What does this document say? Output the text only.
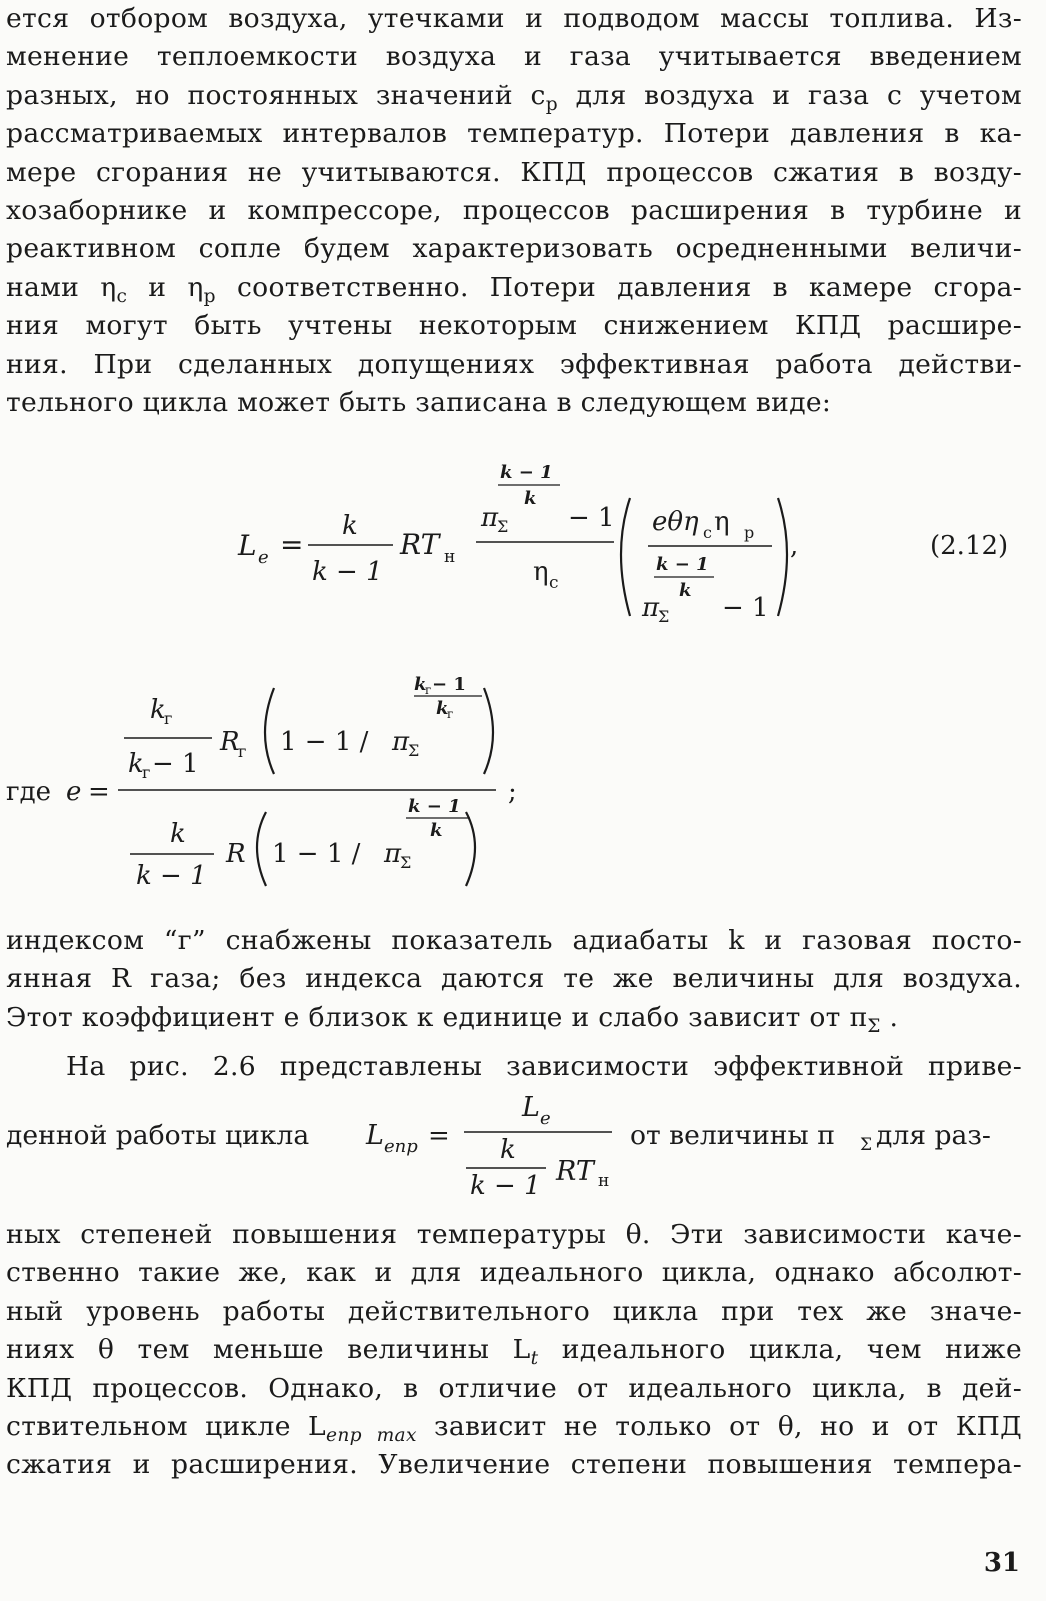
ется отбором воздуха, утечками и подводом массы топлива. Из-
менение теплоемкости воздуха и газа учитывается введением
разных, но постоянных значений $c_р$ для воздуха и газа с учетом
рассматриваемых интервалов температур. Потери давления в ка-
мере сгорания не учитываются. КПД процессов сжатия в возду-
хозаборнике и компрессоре, процессов расширения в турбине и
реактивном сопле будем характеризовать осредненными величи-
нами $\eta_с$ и $\eta_р$ соответственно. Потери давления в камере сгора-
ния могут быть учтены некоторым снижением КПД расшире-
ния. При сделанных допущениях эффективная работа действи-
тельного цикла может быть записана в следующем виде:
L e =
k
k − 1
RT н
k − 1
k
π
Σ − 1
η с
eθη с η р
k − 1
k
π
Σ − 1
,	(2.12)
где e =
k
г
k
г − 1
R
г 1 − 1 / π
Σ
k
г − 1
k
г
k
k − 1
R 1 − 1 / π
Σ
k − 1
k
;
индексом “г” снабжены показатель адиабаты k и газовая посто-
янная R газа; без индекса даются те же величины для воздуха.
Этот коэффициент e близок к единице и слабо зависит от $\pi_\Sigma$ .
На рис. 2.6 представлены зависимости эффективной приве-
денной работы цикла L епр =
L e
k
k − 1 RT н
от величины π Σ для раз-
ных степеней повышения температуры θ. Эти зависимости каче-
ственно такие же, как и для идеального цикла, однако абсолют-
ный уровень работы действительного цикла при тех же значе-
ниях θ тем меньше величины $L_t$ идеального цикла, чем ниже
КПД процессов. Однако, в отличие от идеального цикла, в дей-
ствительном цикле $L_{епр max}$ зависит не только от θ, но и от КПД
сжатия и расширения. Увеличение степени повышения темпера-
31
